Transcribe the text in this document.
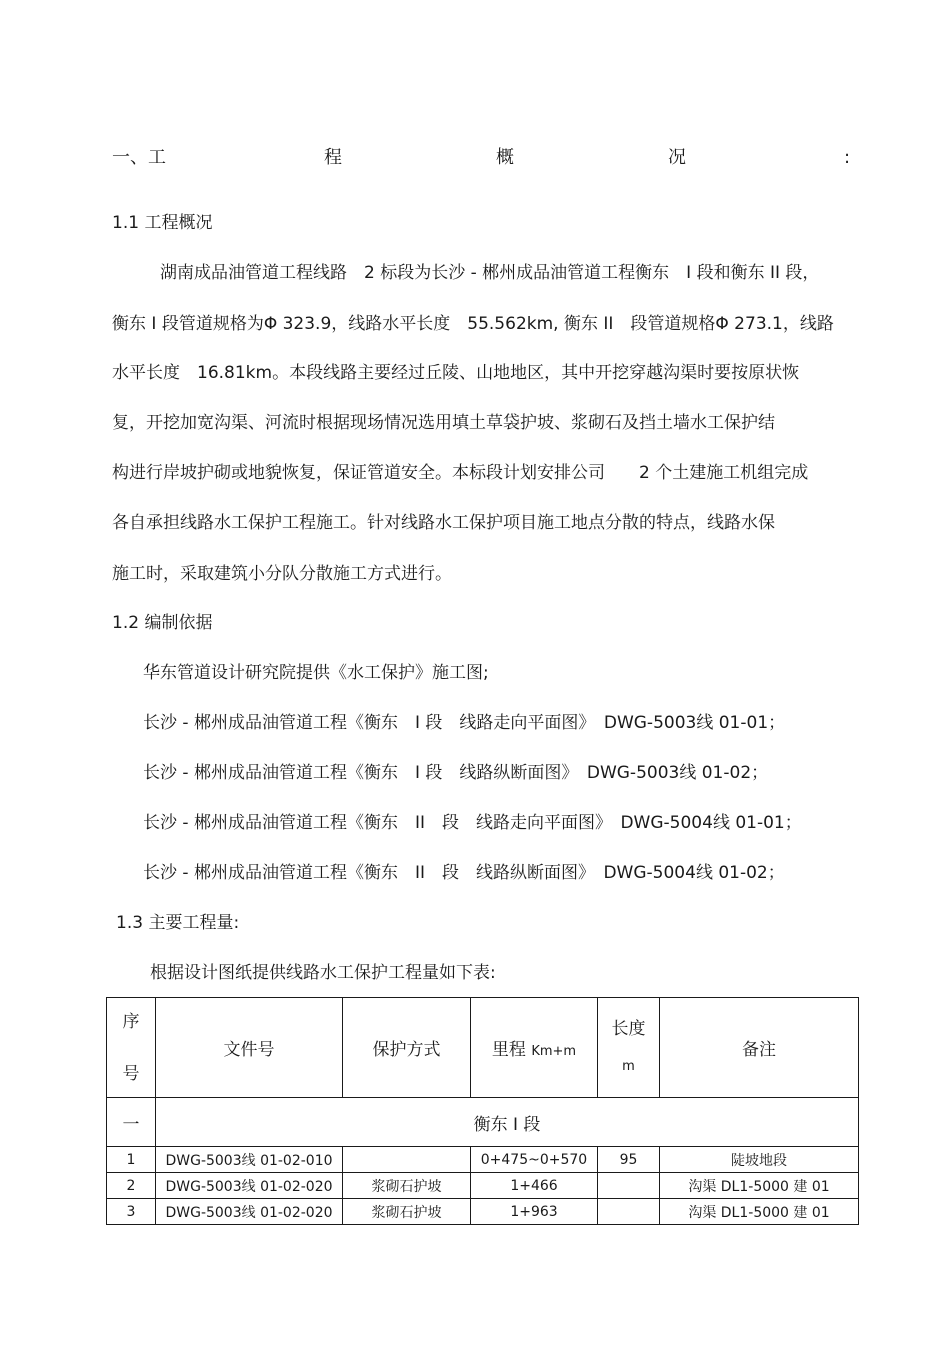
一、工	程	概	况	:
1.1 工程概况
湖南成品油管道工程线路　2 标段为长沙 - 郴州成品油管道工程衡东　I 段和衡东 II 段，
衡东 I 段管道规格为Φ 323.9，线路水平长度　55.562km, 衡东 II　段管道规格Φ 273.1，线路
水平长度　16.81km。本段线路主要经过丘陵、山地地区，其中开挖穿越沟渠时要按原状恢
复，开挖加宽沟渠、河流时根据现场情况选用填土草袋护坡、浆砌石及挡土墙水工保护结
构进行岸坡护砌或地貌恢复，保证管道安全。本标段计划安排公司　　2 个土建施工机组完成
各自承担线路水工保护工程施工。针对线路水工保护项目施工地点分散的特点，线路水保
施工时，采取建筑小分队分散施工方式进行。
1.2 编制依据
华东管道设计研究院提供《水工保护》施工图;
长沙 - 郴州成品油管道工程《衡东　I 段　线路走向平面图》　DWG-5003线 01-01；
长沙 - 郴州成品油管道工程《衡东　I 段　线路纵断面图》　DWG-5003线 01-02；
长沙 - 郴州成品油管道工程《衡东　II　段　线路走向平面图》　DWG-5004线 01-01；
长沙 - 郴州成品油管道工程《衡东　II　段　线路纵断面图》　DWG-5004线 01-02；
1.3 主要工程量:
根据设计图纸提供线路水工保护工程量如下表:
序
号	文件号	保护方式	里程 Km+m	长度
m	备注
一	衡东 I 段				
1	DWG-5003线 01-02-010		0+475~0+570	95	陡坡地段
2	DWG-5003线 01-02-020	浆砌石护坡	1+466		沟渠 DL1-5000 建 01
3	DWG-5003线 01-02-020	浆砌石护坡	1+963		沟渠 DL1-5000 建 01
